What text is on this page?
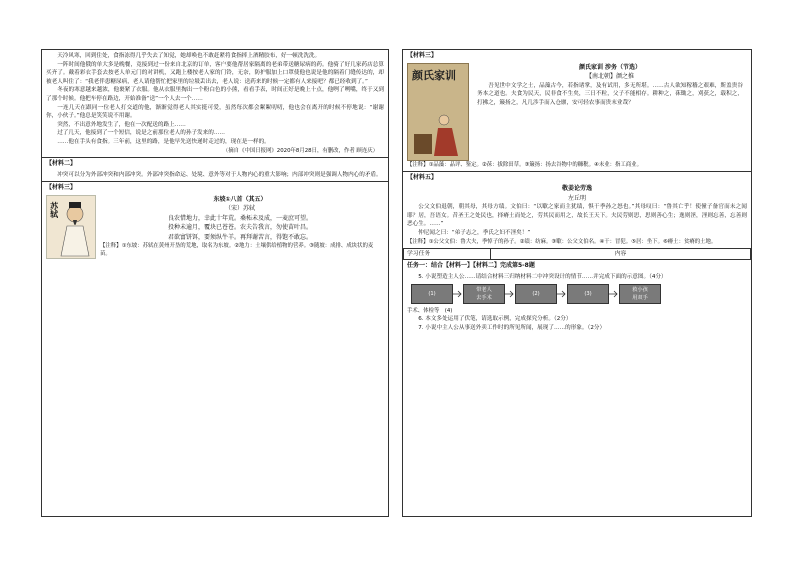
天冷风寒，回到住处，食指冻得几乎失去了知觉，她却唤也不敢赶紧将食指摔上酒精胶布，好一顿洗洗洗。
一阵时间他俄的单大多是晚餐，竟接到过一份来自北京的订单，客户要他帮居家隔离的老弟带送糖尿病的药。他骑了好几家药店总算买齐了。戴着彩衣手套去按老人单元门的对讲机，又跑上楼按老人家的门铃，无奈，防护服加上口罩使他也说是他的隔着门缝传达的，却被老人叫住了：“我老伴患糖尿病，老人请他帮忙把家里的垃圾丢出去，老人说：送药来的时候一定都有人来接吧？都已经收到了。”
冬夜的寒意越来越浓，他裹紧了衣服。他从衣服里掏出一个粉白色的小熊，看看手表，时间正好是晚上十点，他咧了咧嘴，终于又到了那个时候。他把车停在路边，开始准备“送”一个人去一个……
一连几天在跟同一位老人打交道的他，渐渐觉得老人其实挺可爱，虽然每次都会絮絮叨叨，他也会在离开的时候不停地说：“谢谢你，小伙子。”他总是笑笑说不用谢。
突然，不出意外地发生了，他在一次配送的路上……
过了几天，他接到了一个短信，说是之前那位老人的孙子发来的……
……他在手头有食指。三年前，这里的路，是他早先送快递时走过的，现在是一样的。
（摘自《中国日报网》2020年8月28日，有删改，作者 顾连庆）
【材料二】
冲突可以分为外部冲突和内部冲突。外部冲突指命运、处境、意外等对于人物内心的重大影响；内部冲突则是强调人物内心的矛盾。
【材料三】
苏轼
东坡①八首（其五）
（宋）苏轼
良农惜地力，幸此十年荒。桑柘未及成，一麦庶可望。
投种未逾月，覆块已苍苍。农夫告我言，勿使苗叶昌。
君欲富饼饵，要须纵牛羊。再拜谢苦言，得饱不敢忘。
【注释】①东坡：苏轼在黄州开垦的荒地，取名为东坡。②地力：土壤供给植物的营养。③随坡：成排、成块状的麦苗。
【材料三】
颜氏家训
颜氏家训 涉务（节选）
【南北朝】颜之推
吾见世中文学之士，品藻古今，若指诸掌，及有试用，多无所堪。……古人欲知稼穑之艰难，斯盖贵谷务本之道也。夫食为民天，民非食不生矣，三日不粒，父子不能相存。耕种之，茠锄之，刈获之，载积之，打拂之，簸扬之，凡几涉手而入仓廪，安可轻农事而贵末业哉？
【注释】①品藻：品评、鉴定。②茠：拔除田草。③簸扬：扬去谷物中的糠秕。④未业：指工商业。
【材料五】
敬姜论劳逸
左丘明
公父文伯退朝，朝其母，其母方绩。文伯曰：“以歜之家而主犹绩，惧干季孙之怒也。”其母叹曰：“鲁其亡乎！使僮子备官而未之闻耶？居，吾语女。昔圣王之处民也，择瘠土而处之，劳其民而用之，故长王天下。夫民劳则思，思则善心生；逸则淫，淫则忘善，忘善则恶心生。……”
仲尼闻之曰：“弟子志之，季氏之妇不淫矣！”
【注释】①公父文伯：鲁大夫，季悼子的孙子。②绩：纺麻。③歜：公父文伯名。④干：冒犯。⑤居：坐下。⑥瘠土：贫瘠的土地。
学习任务	内容
任务一：结合【材料一】【材料二】完成第5-8题
5. 小说塑造主人公……请结合材料三归纳材料二中冲突设计的情节……并完成下面的示意图。（4分）
(1)
带老人
去手术
(2)	(3)
救小孩
用双手
手术、体检等　 (4)
6. 本文多处运用了伏笔，请选取示例，完成探究分析。（2分）
7. 小说中主人公从事送外卖工作时的所见所闻，展现了……的形象。（2分）
